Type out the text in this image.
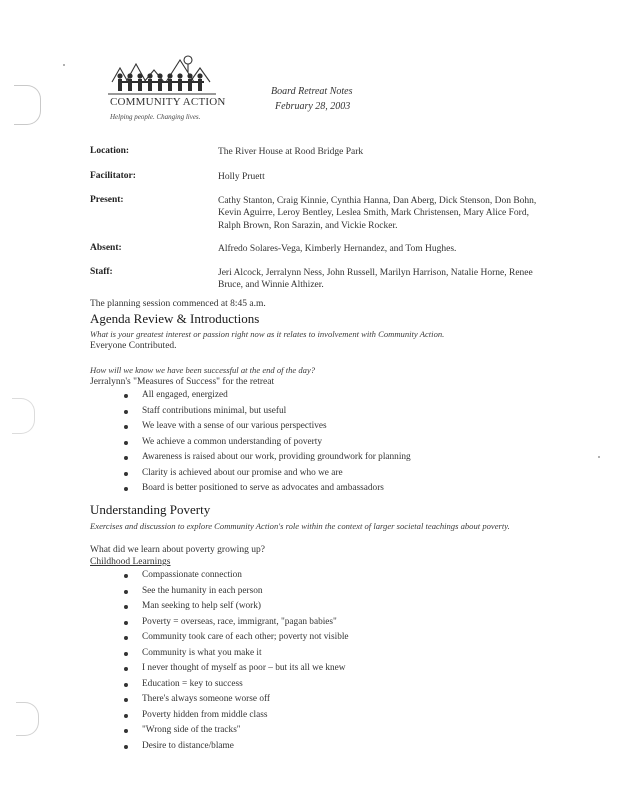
COMMUNITY ACTION
Helping people. Changing lives.
Board Retreat Notes
February 28, 2003
Location:	The River House at Rood Bridge Park
Facilitator:	Holly Pruett
Present:	Cathy Stanton, Craig Kinnie, Cynthia Hanna, Dan Aberg, Dick Stenson, Don Bohn, Kevin Aguirre, Leroy Bentley, Leslea Smith, Mark Christensen, Mary Alice Ford, Ralph Brown, Ron Sarazin, and Vickie Rocker.
Absent:	Alfredo Solares-Vega, Kimberly Hernandez, and Tom Hughes.
Staff:	Jeri Alcock, Jerralynn Ness, John Russell, Marilyn Harrison, Natalie Horne, Renee Bruce, and Winnie Althizer.
The planning session commenced at 8:45 a.m.
Agenda Review & Introductions
What is your greatest interest or passion right now as it relates to involvement with Community Action.
Everyone Contributed.
How will we know we have been successful at the end of the day?
Jerralynn's "Measures of Success" for the retreat
All engaged, energized
Staff contributions minimal, but useful
We leave with a sense of our various perspectives
We achieve a common understanding of poverty
Awareness is raised about our work, providing groundwork for planning
Clarity is achieved about our promise and who we are
Board is better positioned to serve as advocates and ambassadors
Understanding Poverty
Exercises and discussion to explore Community Action's role within the context of larger societal teachings about poverty.
What did we learn about poverty growing up?
Childhood Learnings
Compassionate connection
See the humanity in each person
Man seeking to help self (work)
Poverty = overseas, race, immigrant, "pagan babies"
Community took care of each other; poverty not visible
Community is what you make it
I never thought of myself as poor – but its all we knew
Education = key to success
There's always someone worse off
Poverty hidden from middle class
"Wrong side of the tracks"
Desire to distance/blame
